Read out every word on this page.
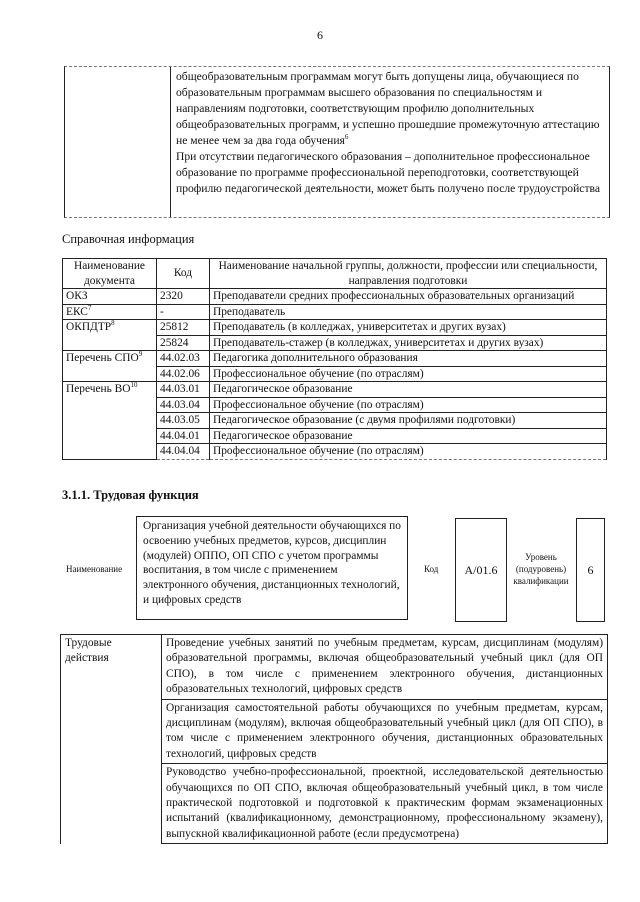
6

общеобразовательным программам могут быть допущены лица, обучающиеся по образовательным программам высшего образования по специальностям и направлениям подготовки, соответствующим профилю дополнительных общеобразовательных программ, и успешно прошедшие промежуточную аттестацию не менее чем за два года обучения$^6$

При отсутствии педагогического образования – дополнительное профессиональное образование по программе профессиональной переподготовки, соответствующей профилю педагогической деятельности, может быть получено после трудоустройства

Справочная информация
Наименование документа	Код	Наименование начальной группы, должности, профессии или специальности, направления подготовки
ОКЗ	2320	Преподаватели средних профессиональных образовательных организаций
ЕКС$^7$	-	Преподаватель
ОКПДТР$^8$	25812	Преподаватель (в колледжах, университетах и других вузах)
	25824	Преподаватель-стажер (в колледжах, университетах и других вузах)
Перечень СПО$^9$	44.02.03	Педагогика дополнительного образования
	44.02.06	Профессиональное обучение (по отраслям)
Перечень ВО$^{10}$	44.03.01	Педагогическое образование
	44.03.04	Профессиональное обучение (по отраслям)
	44.03.05	Педагогическое образование (с двумя профилями подготовки)
	44.04.01	Педагогическое образование
	44.04.04	Профессиональное обучение (по отраслям)
3.1.1. Трудовая функция
Наименование
Организация учебной деятельности обучающихся по освоению учебных предметов, курсов, дисциплин (модулей) ОППО, ОП СПО с учетом программы воспитания, в том числе с применением электронного обучения, дистанционных технологий, и цифровых средств
Код	A/01.6
Уровень (подуровень) квалификации
6
Трудовые действия	Проведение учебных занятий по учебным предметам, курсам, дисциплинам (модулям) образовательной программы, включая общеобразовательный учебный цикл (для ОП СПО), в том числе с применением электронного обучения, дистанционных образовательных технологий, цифровых средств
Организация самостоятельной работы обучающихся по учебным предметам, курсам, дисциплинам (модулям), включая общеобразовательный учебный цикл (для ОП СПО), в том числе с применением электронного обучения, дистанционных образовательных технологий, цифровых средств
Руководство учебно-профессиональной, проектной, исследовательской деятельностью обучающихся по ОП СПО, включая общеобразовательный учебный цикл, в том числе практической подготовкой и подготовкой к практическим формам экзаменационных испытаний (квалификационному, демонстрационному, профессиональному экзамену), выпускной квалификационной работе (если предусмотрена)
